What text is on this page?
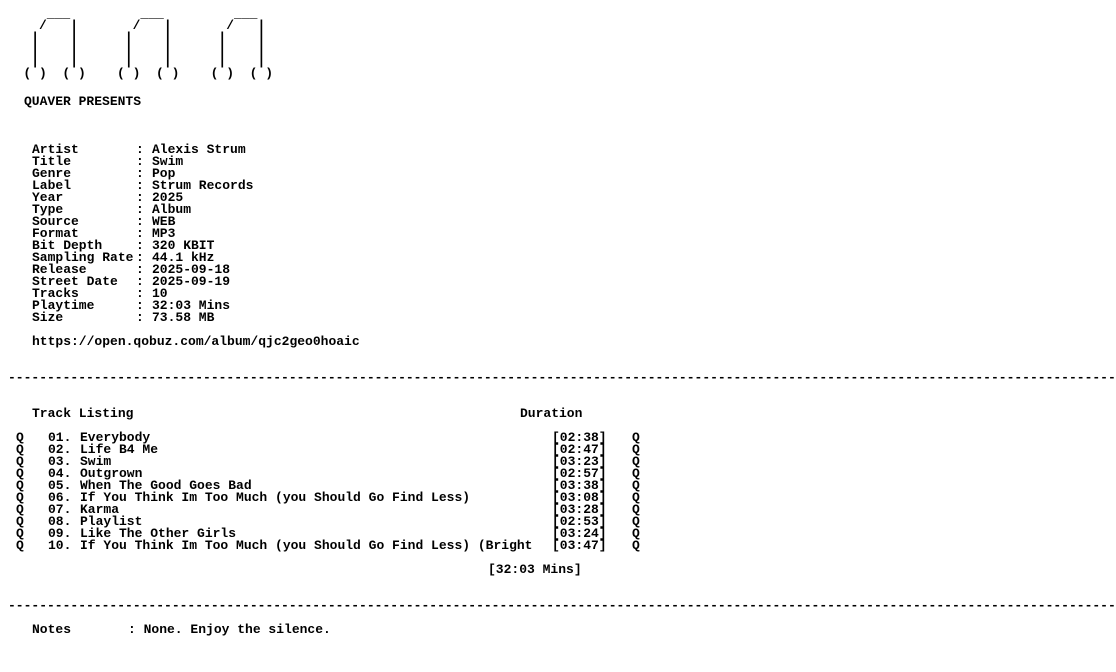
___         ___         ___
/   |       /   |       /   |
|    |      |    |      |    |
|    |      |    |      |    |
|    |      |    |      |    |
( )  ( )    ( )  ( )    ( )  ( )
QUAVER PRESENTS
Artist	: Alexis Strum
Title	: Swim
Genre	: Pop
Label	: Strum Records
Year	: 2025
Type	: Album
Source	: WEB
Format	: MP3
Bit Depth	: 320 KBIT
Sampling Rate : 44.1 kHz
Release	: 2025-09-18
Street Date : 2025-09-19
Tracks	: 10
Playtime	: 32:03 Mins
Size	: 73.58 MB
https://open.qobuz.com/album/qjc2geo0hoaic
----------------------------------------------------------------------------------------------------------------------------------------------
Track Listing	Duration
Q 01. Everybody	[02:38] Q
Q 02. Life B4 Me	[02:47] Q
Q 03. Swim	[03:23] Q
Q 04. Outgrown	[02:57] Q
Q 05. When The Good Goes Bad	[03:38] Q
Q 06. If You Think Im Too Much (you Should Go Find Less)	[03:08] Q
Q 07. Karma	[03:28] Q
Q 08. Playlist	[02:53] Q
Q 09. Like The Other Girls	[03:24] Q
Q 10. If You Think Im Too Much (you Should Go Find Less) (Bright	[03:47] Q
[32:03 Mins]
----------------------------------------------------------------------------------------------------------------------------------------------
Notes	: None. Enjoy the silence.
